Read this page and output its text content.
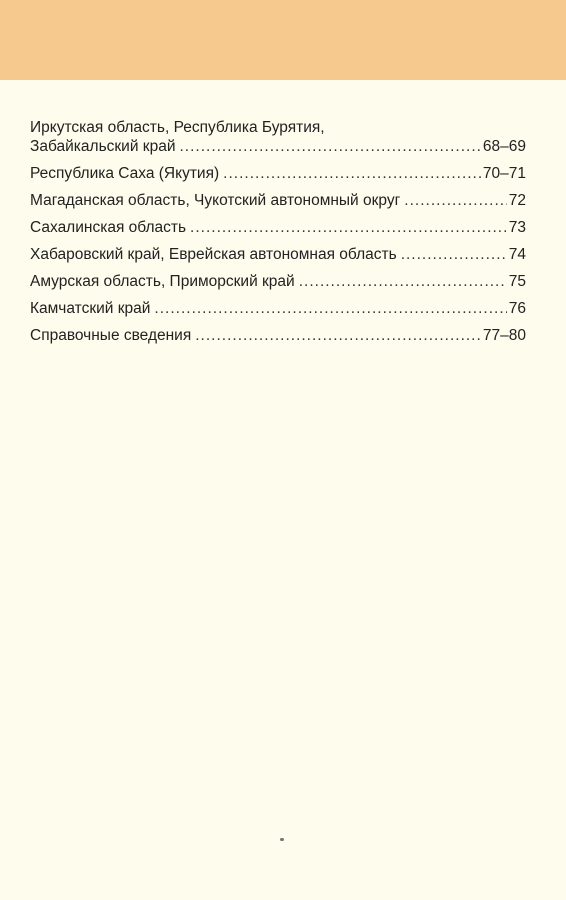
Иркутская область, Республика Бурятия,
Забайкальский край .....	68–69
Республика Саха (Якутия) .....	70–71
Магаданская область, Чукотский автономный округ .....	72
Сахалинская область .....	73
Хабаровский край, Еврейская автономная область .....	74
Амурская область, Приморский край .....	75
Камчатский край .....	76
Справочные сведения .....	77–80
